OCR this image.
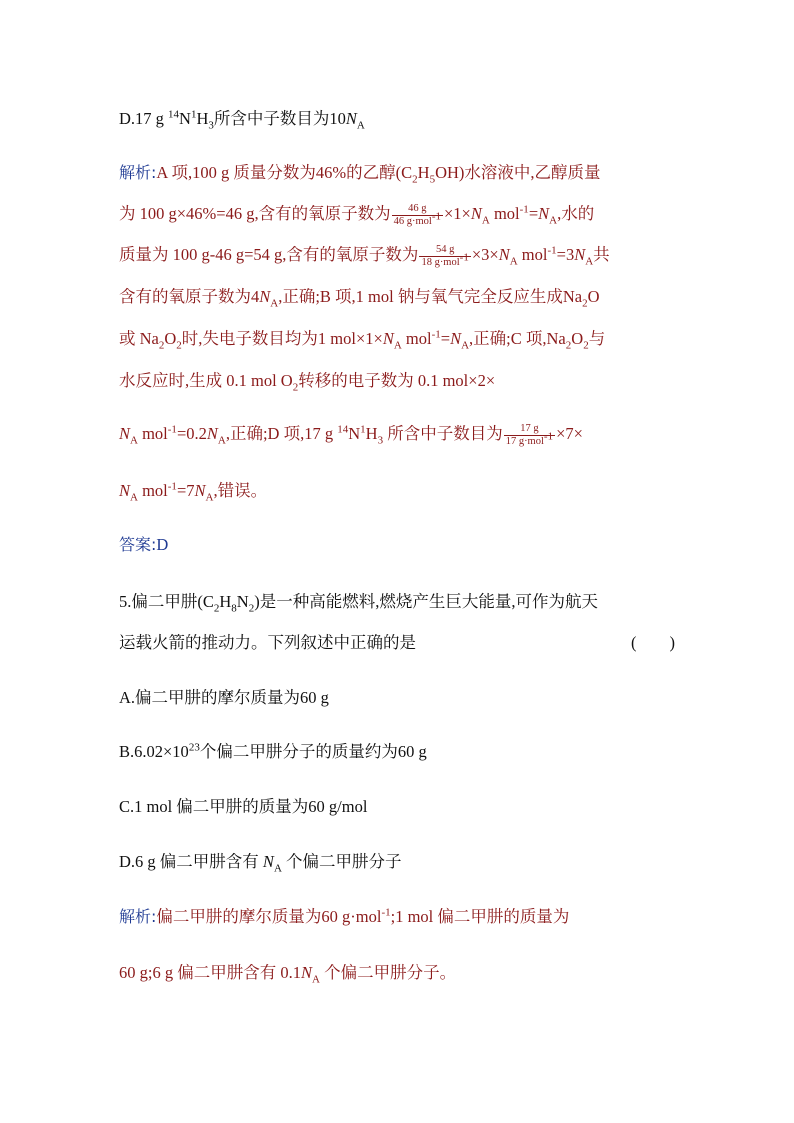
D.17 g $^{14}N^1H_3$所含中子数目为$10N_A$
解析:A 项,100 g 质量分数为46%的乙醇$(C_2H_5OH)$水溶液中,乙醇质量
为 100 g×46%=46 g,含有的氧原子数为 $\frac{46 g}{46 g\cdot mol^{-1}} \times 1\times N_A$ $mol^{-1}=N_A$,水的
质量为 100 g-46 g=54 g,含有的氧原子数为 $\frac{54 g}{18 g\cdot mol^{-1}} \times 3\times N_A$ $mol^{-1}=3N_A$共
含有的氧原子数为$4N_A$,正确;B 项,1 mol 钠与氧气完全反应生成$Na_2O$
或 $Na_2O_2$时,失电子数目均为1 $mol\times 1\times N_A$ $mol^{-1}=N_A$,正确;C 项$,Na_2O_2$与
水反应时,生成 0.1 mol $O_2$转移的电子数为 0.1 mol×2×
$N_A$ $mol^{-1}=0.2N_A$,正确;D 项,17 g $^{14}N^1H_3$ 所含中子数目为 $\frac{17 g}{17 g\cdot mol^{-1}} \times 7\times$
$N_A$ $mol^{-1}=7N_A$,错误。
答案:D
5.偏二甲肼$(C_2H_8N_2)$是一种高能燃料,燃烧产生巨大能量,可作为航天
运载火箭的推动力。下列叙述中正确的是	(　　)
A.偏二甲肼的摩尔质量为60 g
$B.6.02\times 10^{23}$个偏二甲肼分子的质量约为60 g
C.1 mol 偏二甲肼的质量为60 g/mol
D.6 g 偏二甲肼含有 $N_A$ 个偏二甲肼分子
解析:偏二甲肼的摩尔质量为60 g·mol$^{-1}$;1 mol 偏二甲肼的质量为
60 g;6 g 偏二甲肼含有 $0.1N_A$ 个偏二甲肼分子。
